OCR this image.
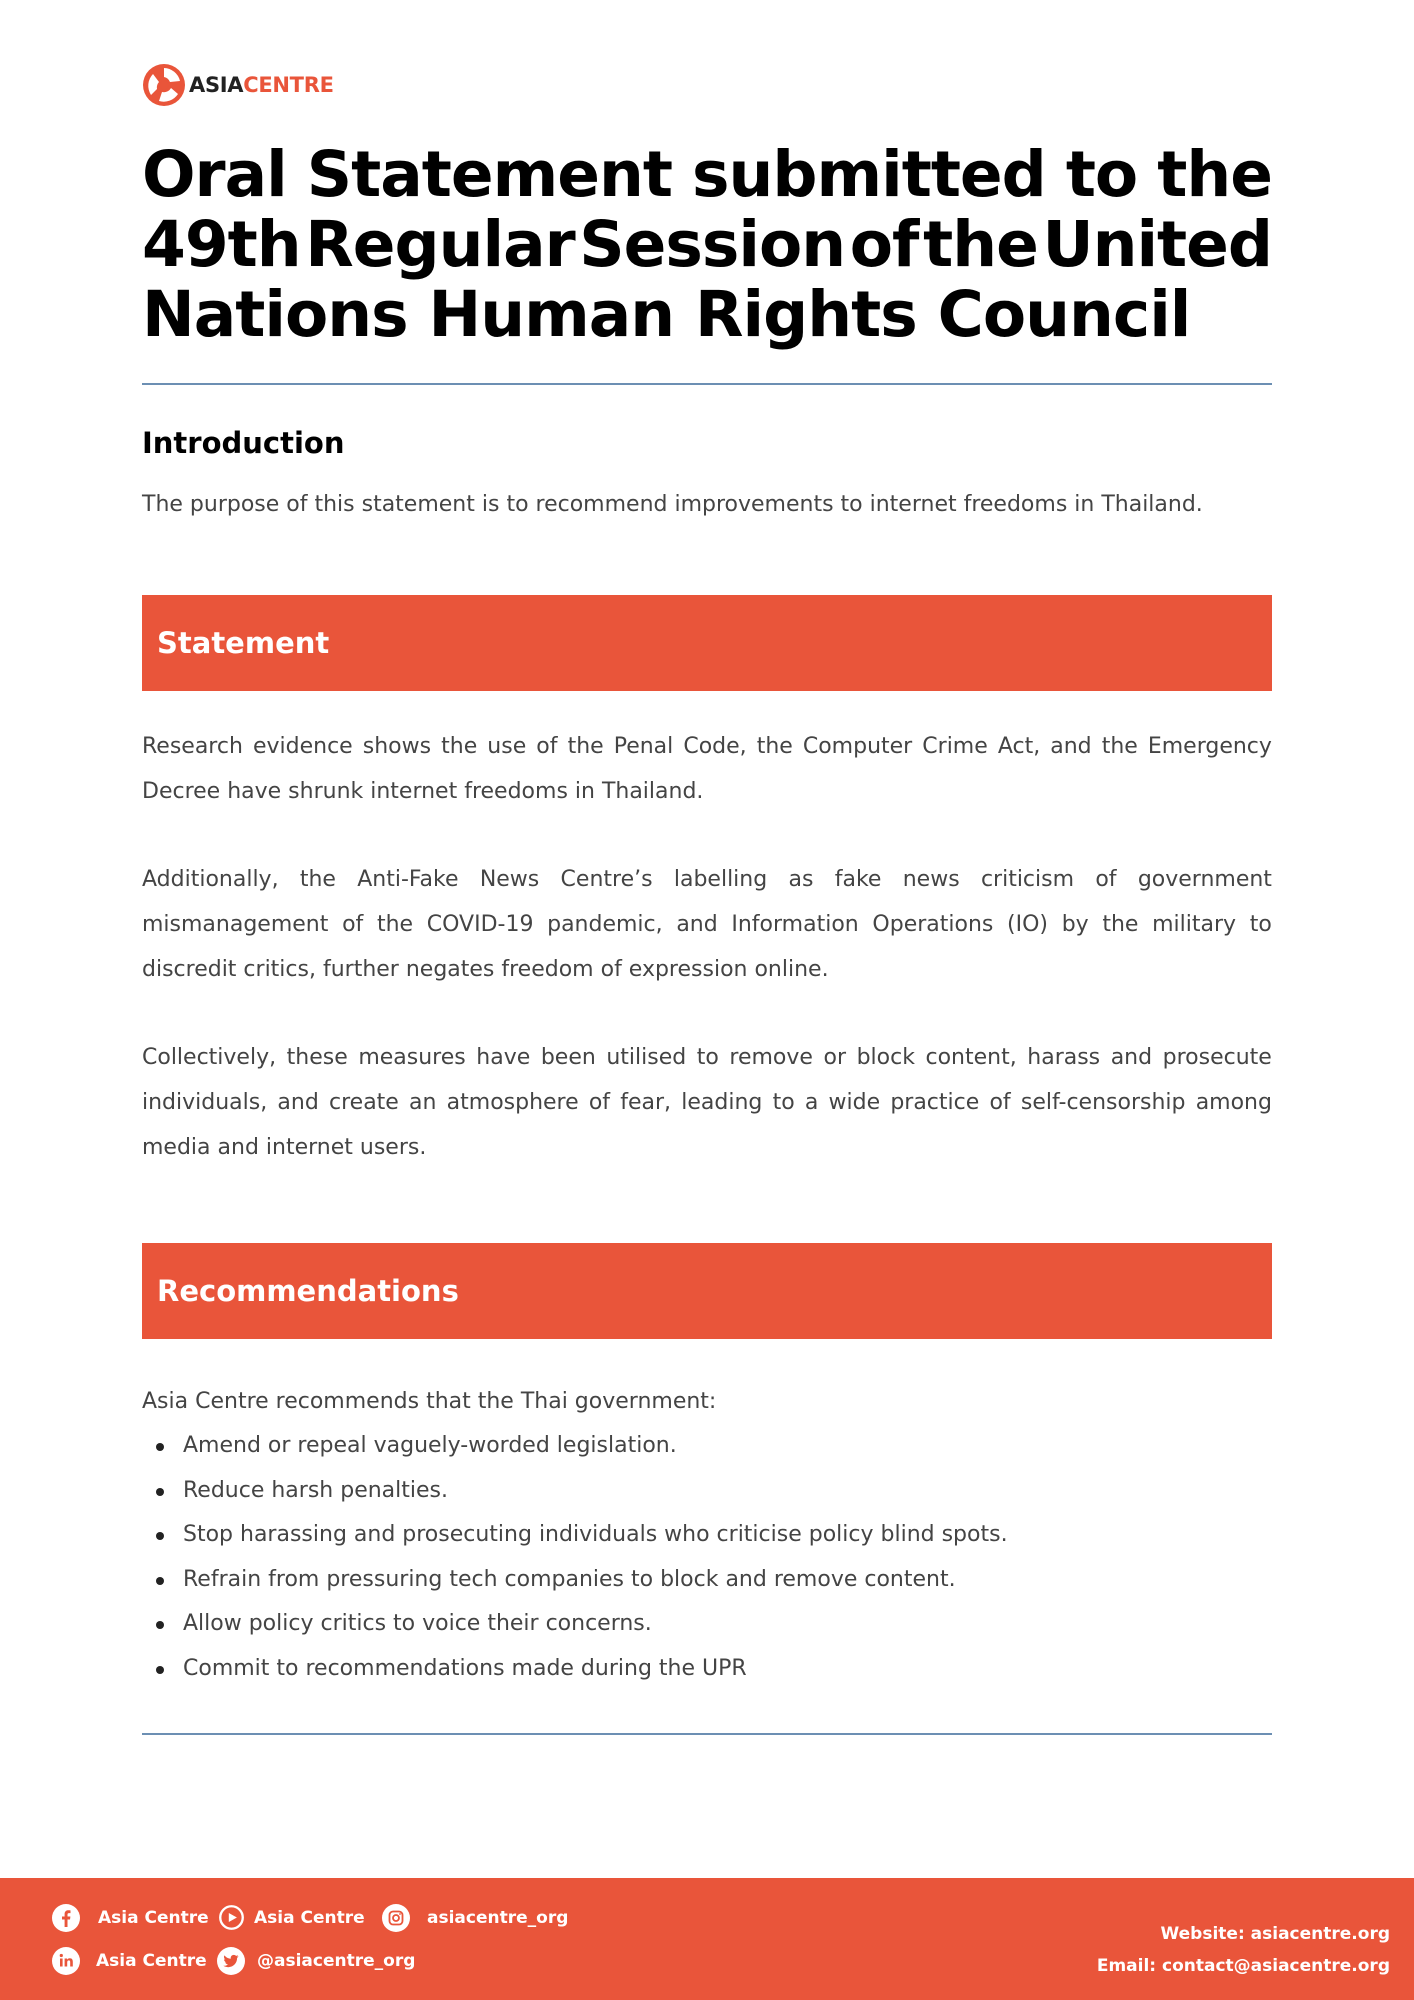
ASIACENTRE
Oral Statement submitted to the
49th Regular Session of the United
Nations Human Rights Council
Introduction

The purpose of this statement is to recommend improvements to internet freedoms in Thailand.

Statement

Research evidence shows the use of the Penal Code, the Computer Crime Act, and the Emergency
Decree have shrunk internet freedoms in Thailand.

Additionally, the Anti-Fake News Centre’s labelling as fake news criticism of government
mismanagement of the COVID-19 pandemic, and Information Operations (IO) by the military to
discredit critics, further negates freedom of expression online.

Collectively, these measures have been utilised to remove or block content, harass and prosecute
individuals, and create an atmosphere of fear, leading to a wide practice of self-censorship among
media and internet users.

Recommendations

Asia Centre recommends that the Thai government:

Amend or repeal vaguely-worded legislation.
Reduce harsh penalties.
Stop harassing and prosecuting individuals who criticise policy blind spots.
Refrain from pressuring tech companies to block and remove content.
Allow policy critics to voice their concerns.
Commit to recommendations made during the UPR
Asia Centre	Asia Centre	asiacentre_org
Asia Centre	@asiacentre_org
Website: asiacentre.org
Email: contact@asiacentre.org
